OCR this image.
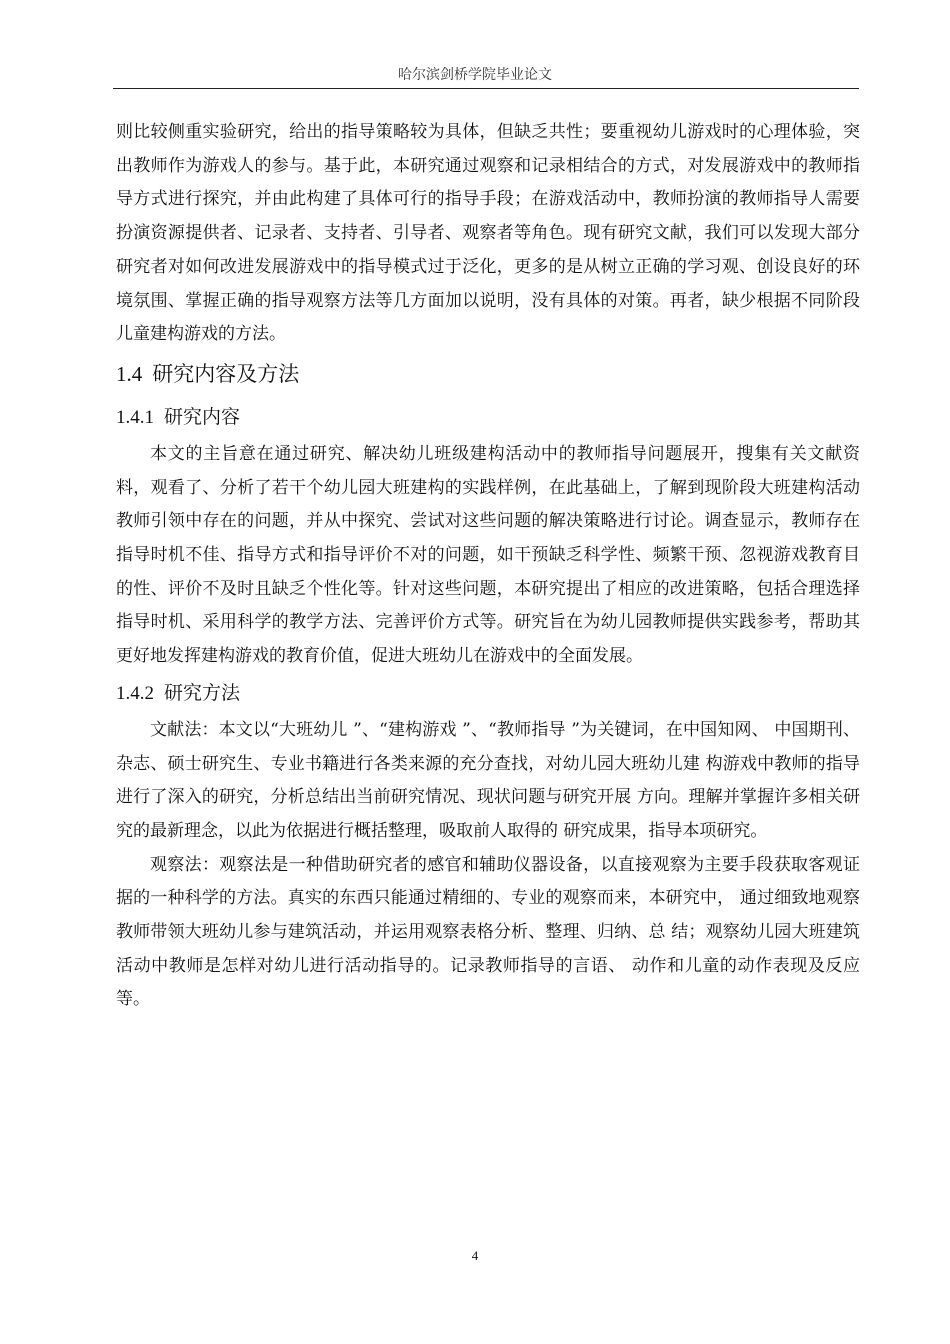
哈尔滨剑桥学院毕业论文

则比较侧重实验研究，给出的指导策略较为具体，但缺乏共性；要重视幼儿游戏时的心理体验，突出教师作为游戏人的参与。基于此，本研究通过观察和记录相结合的方式，对发展游戏中的教师指导方式进行探究，并由此构建了具体可行的指导手段；在游戏活动中，教师扮演的教师指导人需要扮演资源提供者、记录者、支持者、引导者、观察者等角色。现有研究文献，我们可以发现大部分研究者对如何改进发展游戏中的指导模式过于泛化，更多的是从树立正确的学习观、创设良好的环境氛围、掌握正确的指导观察方法等几方面加以说明，没有具体的对策。再者，缺少根据不同阶段儿童建构游戏的方法。

1.4 研究内容及方法
1.4.1 研究内容

本文的主旨意在通过研究、解决幼儿班级建构活动中的教师指导问题展开，搜集有关文献资料，观看了、分析了若干个幼儿园大班建构的实践样例，在此基础上，了解到现阶段大班建构活动教师引领中存在的问题，并从中探究、尝试对这些问题的解决策略进行讨论。调查显示，教师存在指导时机不佳、指导方式和指导评价不对的问题，如干预缺乏科学性、频繁干预、忽视游戏教育目的性、评价不及时且缺乏个性化等。针对这些问题，本研究提出了相应的改进策略，包括合理选择指导时机、采用科学的教学方法、完善评价方式等。研究旨在为幼儿园教师提供实践参考，帮助其更好地发挥建构游戏的教育价值，促进大班幼儿在游戏中的全面发展。

1.4.2 研究方法

文献法：本文以“大班幼儿 ”、“建构游戏 ”、“教师指导 ”为关键词，在中国知网、 中国期刊、杂志、硕士研究生、专业书籍进行各类来源的充分查找，对幼儿园大班幼儿建 构游戏中教师的指导进行了深入的研究，分析总结出当前研究情况、现状问题与研究开展 方向。理解并掌握许多相关研究的最新理念，以此为依据进行概括整理，吸取前人取得的 研究成果，指导本项研究。

观察法：观察法是一种借助研究者的感官和辅助仪器设备，以直接观察为主要手段获取客观证据的一种科学的方法。真实的东西只能通过精细的、专业的观察而来，本研究中， 通过细致地观察教师带领大班幼儿参与建筑活动，并运用观察表格分析、整理、归纳、总 结；观察幼儿园大班建筑活动中教师是怎样对幼儿进行活动指导的。记录教师指导的言语、 动作和儿童的动作表现及反应等。

4
